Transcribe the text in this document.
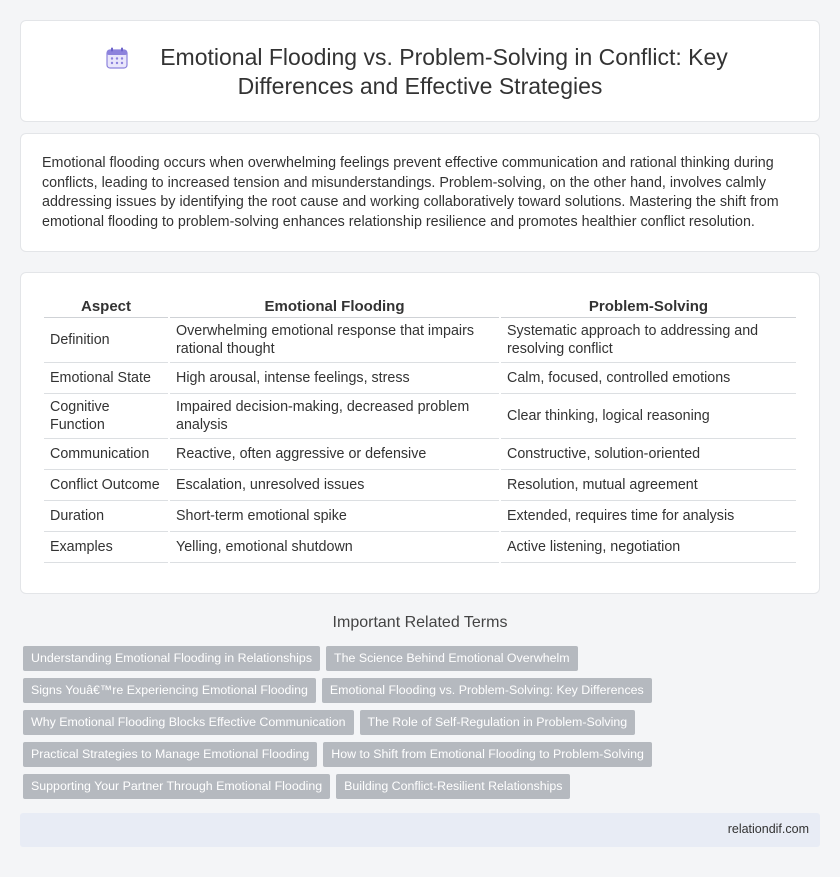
Emotional Flooding vs. Problem-Solving in Conflict: Key
Differences and Effective Strategies

Emotional flooding occurs when overwhelming feelings prevent effective communication and rational thinking during conflicts, leading to increased tension and misunderstandings. Problem-solving, on the other hand, involves calmly addressing issues by identifying the root cause and working collaboratively toward solutions. Mastering the shift from emotional flooding to problem-solving enhances relationship resilience and promotes healthier conflict resolution.

Aspect	Emotional Flooding	Problem-Solving
Definition	Overwhelming emotional response that impairs rational thought	Systematic approach to addressing and resolving conflict
Emotional State	High arousal, intense feelings, stress	Calm, focused, controlled emotions
Cognitive Function	Impaired decision-making, decreased problem analysis	Clear thinking, logical reasoning
Communication	Reactive, often aggressive or defensive	Constructive, solution-oriented
Conflict Outcome	Escalation, unresolved issues	Resolution, mutual agreement
Duration	Short-term emotional spike	Extended, requires time for analysis
Examples	Yelling, emotional shutdown	Active listening, negotiation
Important Related Terms
Understanding Emotional Flooding in Relationships The Science Behind Emotional Overwhelm
Signs Youâ€™re Experiencing Emotional Flooding Emotional Flooding vs. Problem-Solving: Key Differences
Why Emotional Flooding Blocks Effective Communication The Role of Self-Regulation in Problem-Solving
Practical Strategies to Manage Emotional Flooding How to Shift from Emotional Flooding to Problem-Solving
Supporting Your Partner Through Emotional Flooding Building Conflict-Resilient Relationships
relationdif.com
